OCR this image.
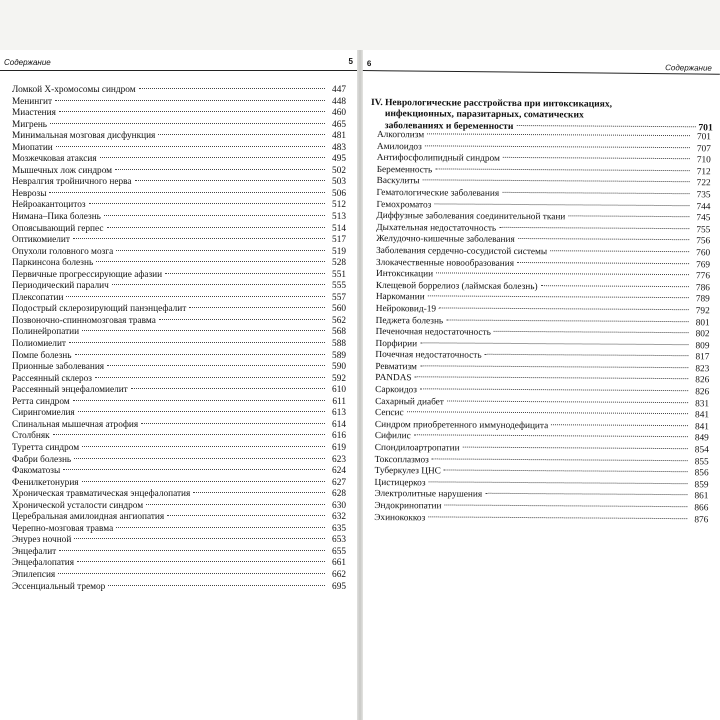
Содержание	5
Ломкой Х-хромосомы синдром	447
Менингит	448
Миастения	460
Мигрень	465
Минимальная мозговая дисфункция	481
Миопатии	483
Мозжечковая атаксия	495
Мышечных лож синдром	502
Невралгия тройничного нерва	503
Неврозы	506
Нейроакантоцитоз	512
Нимана–Пика болезнь	513
Опоясывающий герпес	514
Оптикомиелит	517
Опухоли головного мозга	519
Паркинсона болезнь	528
Первичные прогрессирующие афазии	551
Периодический паралич	555
Плексопатии	557
Подострый склерозирующий панэнцефалит	560
Позвоночно-спинномозговая травма	562
Полинейропатии	568
Полиомиелит	588
Помпе болезнь	589
Прионные заболевания	590
Рассеянный склероз	592
Рассеянный энцефаломиелит	610
Ретта синдром	611
Сирингомиелия	613
Спинальная мышечная атрофия	614
Столбняк	616
Туретта синдром	619
Фабри болезнь	623
Факоматозы	624
Фенилкетонурия	627
Хроническая травматическая энцефалопатия	628
Хронической усталости синдром	630
Церебральная амилоидная ангиопатия	632
Черепно-мозговая травма	635
Энурез ночной	653
Энцефалит	655
Энцефалопатия	661
Эпилепсия	662
Эссенциальный тремор	695
6	Содержание
IV. Неврологические расстройства при интоксикациях,
инфекционных, паразитарных, соматических
заболеваниях и беременности	701
Алкоголизм	701
Амилоидоз	707
Антифосфолипидный синдром	710
Беременность	712
Васкулиты	722
Гематологические заболевания	735
Гемохроматоз	744
Диффузные заболевания соединительной ткани	745
Дыхательная недостаточность	755
Желудочно-кишечные заболевания	756
Заболевания сердечно-сосудистой системы	760
Злокачественные новообразования	769
Интоксикации	776
Клещевой боррелиоз (лаймская болезнь)	786
Наркомании	789
Нейроковид-19	792
Педжета болезнь	801
Печеночная недостаточность	802
Порфирии	809
Почечная недостаточность	817
Ревматизм	823
PANDAS	826
Саркоидоз	826
Сахарный диабет	831
Сепсис	841
Синдром приобретенного иммунодефицита	841
Сифилис	849
Спондилоартропатии	854
Токсоплазмоз	855
Туберкулез ЦНС	856
Цистицеркоз	859
Электролитные нарушения	861
Эндокринопатии	866
Эхинококкоз	876
